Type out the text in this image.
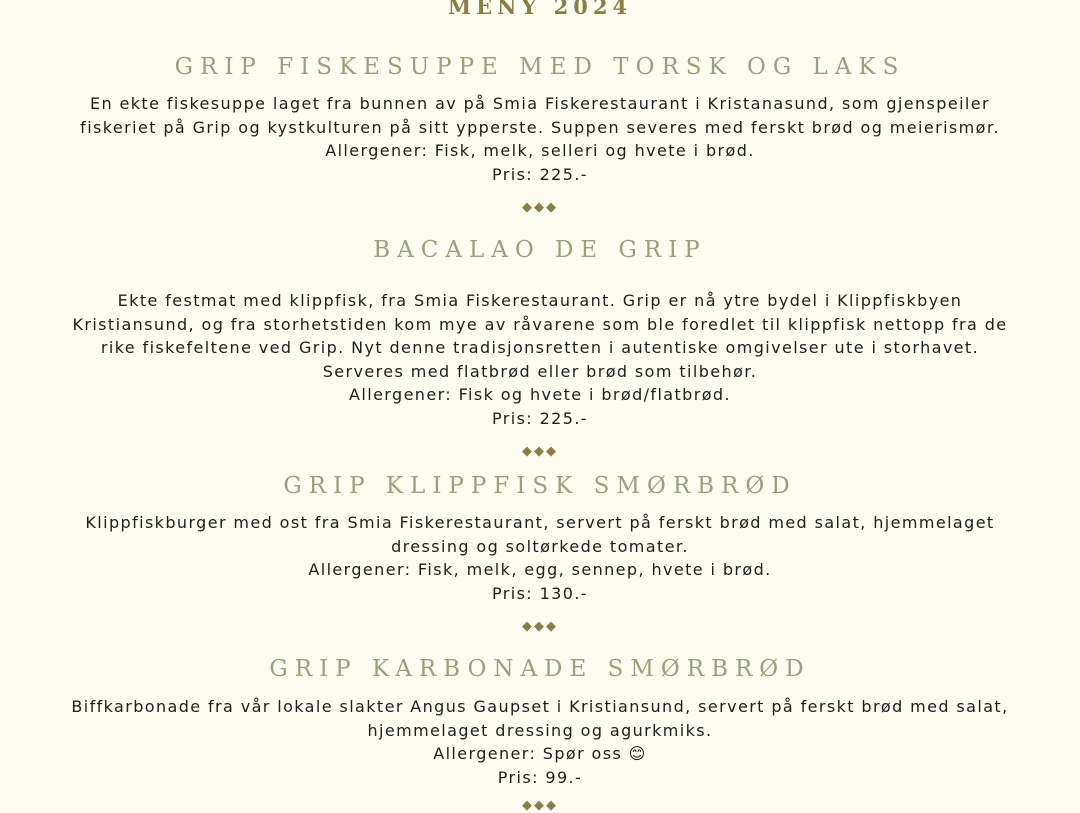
MENY 2024
GRIP FISKESUPPE MED TORSK OG LAKS
En ekte fiskesuppe laget fra bunnen av på Smia Fiskerestaurant i Kristanasund, som gjenspeiler
fiskeriet på Grip og kystkulturen på sitt ypperste. Suppen severes med ferskt brød og meierismør.
Allergener: Fisk, melk, selleri og hvete i brød.
Pris: 225.-
◆◆◆
BACALAO DE GRIP
Ekte festmat med klippfisk, fra Smia Fiskerestaurant. Grip er nå ytre bydel i Klippfiskbyen
Kristiansund, og fra storhetstiden kom mye av råvarene som ble foredlet til klippfisk nettopp fra de
rike fiskefeltene ved Grip. Nyt denne tradisjonsretten i autentiske omgivelser ute i storhavet.
Serveres med flatbrød eller brød som tilbehør.
Allergener: Fisk og hvete i brød/flatbrød.
Pris: 225.-
◆◆◆
GRIP KLIPPFISK SMØRBRØD
Klippfiskburger med ost fra Smia Fiskerestaurant, servert på ferskt brød med salat, hjemmelaget
dressing og soltørkede tomater.
Allergener: Fisk, melk, egg, sennep, hvete i brød.
Pris: 130.-
◆◆◆
GRIP KARBONADE SMØRBRØD
Biffkarbonade fra vår lokale slakter Angus Gaupset i Kristiansund, servert på ferskt brød med salat,
hjemmelaget dressing og agurkmiks.
Allergener: Spør oss 😊
Pris: 99.-
◆◆◆
